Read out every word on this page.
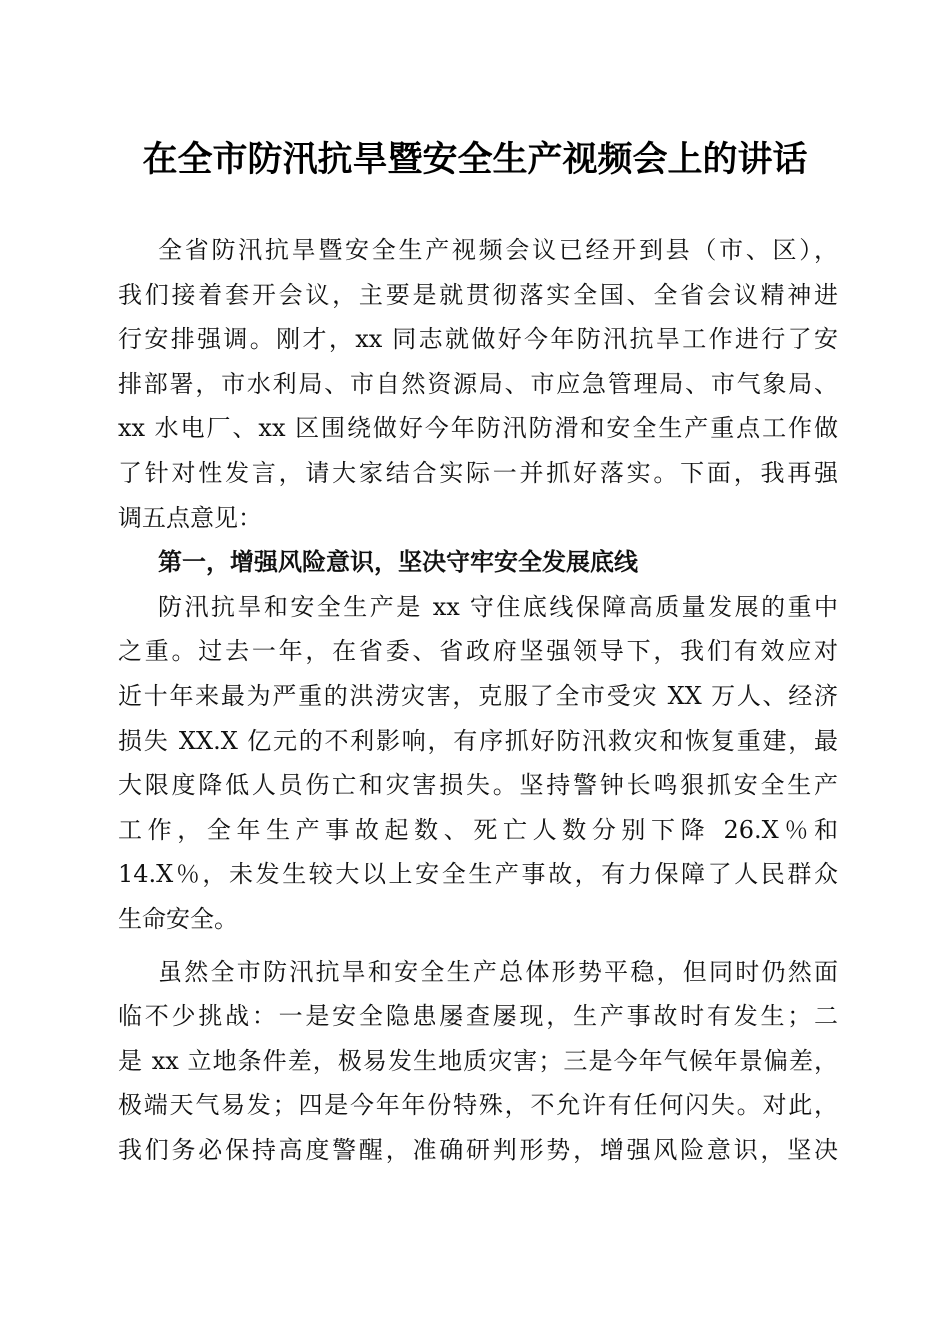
在全市防汛抗旱暨安全生产视频会上的讲话
全省防汛抗旱暨安全生产视频会议已经开到县（市、区），
我们接着套开会议，主要是就贯彻落实全国、全省会议精神进
行安排强调。刚才，xx 同志就做好今年防汛抗旱工作进行了安
排部署，市水利局、市自然资源局、市应急管理局、市气象局、
xx 水电厂、xx 区围绕做好今年防汛防滑和安全生产重点工作做
了针对性发言，请大家结合实际一并抓好落实。下面，我再强
调五点意见：
第一，增强风险意识，坚决守牢安全发展底线
防汛抗旱和安全生产是 xx 守住底线保障高质量发展的重中
之重。过去一年，在省委、省政府坚强领导下，我们有效应对
近十年来最为严重的洪涝灾害，克服了全市受灾 XX 万人、经济
损失 XX.X 亿元的不利影响，有序抓好防汛救灾和恢复重建，最
大限度降低人员伤亡和灾害损失。坚持警钟长鸣狠抓安全生产
工作，全年生产事故起数、死亡人数分别下降 26.X％和
14.X％，未发生较大以上安全生产事故，有力保障了人民群众
生命安全。
虽然全市防汛抗旱和安全生产总体形势平稳，但同时仍然面
临不少挑战：一是安全隐患屡查屡现，生产事故时有发生；二
是 xx 立地条件差，极易发生地质灾害；三是今年气候年景偏差，
极端天气易发；四是今年年份特殊，不允许有任何闪失。对此，
我们务必保持高度警醒，准确研判形势，增强风险意识，坚决
